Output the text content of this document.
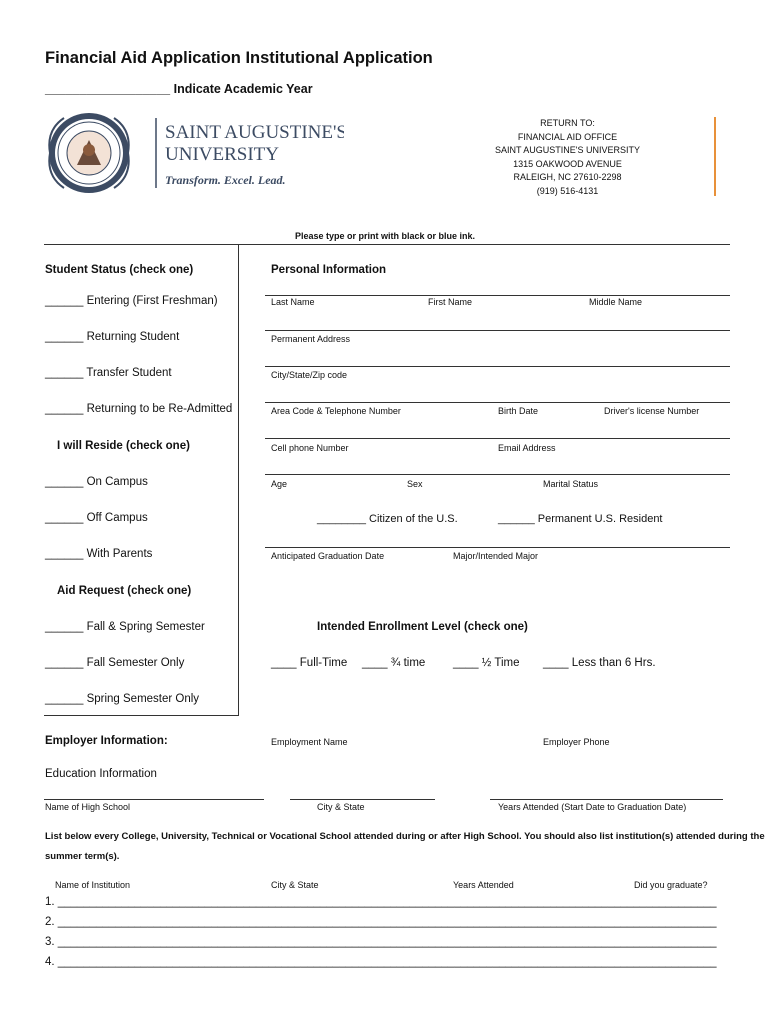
Financial Aid Application Institutional Application
__________________ Indicate Academic Year
SAINT AUGUSTINE'S
UNIVERSITY
Transform. Excel. Lead.
RETURN TO:
FINANCIAL AID OFFICE
SAINT AUGUSTINE'S UNIVERSITY
1315 OAKWOOD AVENUE
RALEIGH, NC 27610-2298
(919) 516-4131
Please type or print with black or blue ink.
Student Status (check one)
______ Entering (First Freshman)
______ Returning Student
______ Transfer Student
______ Returning to be Re-Admitted
I will Reside (check one)
______ On Campus
______ Off Campus
______ With Parents
Aid Request (check one)
______ Fall & Spring Semester
______ Fall Semester Only
______ Spring Semester Only
Personal Information
Last Name	First Name	Middle Name
Permanent Address
City/State/Zip code
Area Code & Telephone Number	Birth Date	Driver's license Number
Cell phone Number	Email Address
Age	Sex	Marital Status
________ Citizen of the U.S.	______ Permanent U.S. Resident
Anticipated Graduation Date	Major/Intended Major
Intended Enrollment Level (check one)
____ Full-Time ____ ¾ time ____ ½ Time ____ Less than 6 Hrs.
Employer Information:	Employment Name	Employer Phone
Education Information
Name of High School	City & State	Years Attended (Start Date to Graduation Date)
List below every College, University, Technical or Vocational School attended during or after High School. You should also list institution(s) attended during the
summer term(s).
Name of Institution	City & State	Years Attended	Did you graduate?
1. _______________________________________________________________________________________________________
2. _______________________________________________________________________________________________________
3. _______________________________________________________________________________________________________
4. _______________________________________________________________________________________________________
